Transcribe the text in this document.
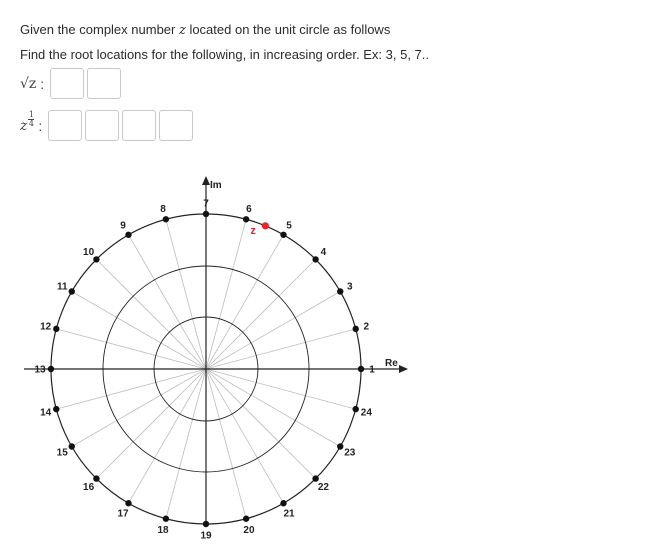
Given the complex number z located on the unit circle as follows
Find the root locations for the following, in increasing order. Ex: 3, 5, 7..
√z :
z $\frac{1}{4}$ :
Im
Re
1
2
3
4
5
6
7
8
9
10
11
12
13
14
15
16
17
18
19
20
21
22
23
24
z
